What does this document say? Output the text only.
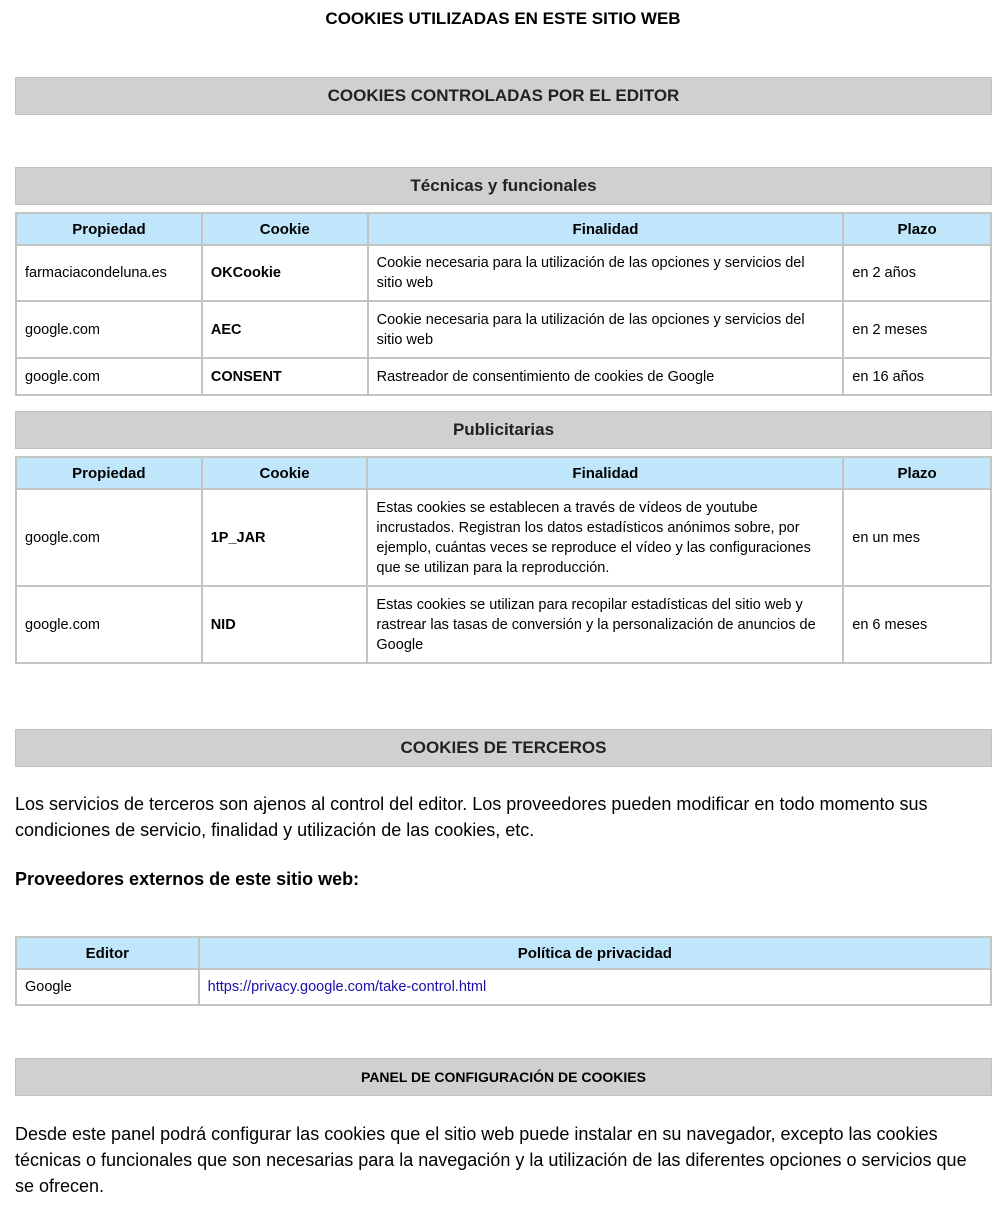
COOKIES UTILIZADAS EN ESTE SITIO WEB
COOKIES CONTROLADAS POR EL EDITOR
Técnicas y funcionales
Propiedad	Cookie	Finalidad	Plazo
farmaciacondeluna.es	OKCookie	Cookie necesaria para la utilización de las opciones y servicios del sitio web	en 2 años
google.com	AEC	Cookie necesaria para la utilización de las opciones y servicios del sitio web	en 2 meses
google.com	CONSENT	Rastreador de consentimiento de cookies de Google	en 16 años
Publicitarias
Propiedad	Cookie	Finalidad	Plazo
google.com	1P_JAR	Estas cookies se establecen a través de vídeos de youtube incrustados. Registran los datos estadísticos anónimos sobre, por ejemplo, cuántas veces se reproduce el vídeo y las configuraciones que se utilizan para la reproducción.	en un mes
google.com	NID	Estas cookies se utilizan para recopilar estadísticas del sitio web y rastrear las tasas de conversión y la personalización de anuncios de Google	en 6 meses
COOKIES DE TERCEROS
Los servicios de terceros son ajenos al control del editor. Los proveedores pueden modificar en todo momento sus condiciones de servicio, finalidad y utilización de las cookies, etc.
Proveedores externos de este sitio web:
Editor	Política de privacidad
Google	https://privacy.google.com/take-control.html
PANEL DE CONFIGURACIÓN DE COOKIES
Desde este panel podrá configurar las cookies que el sitio web puede instalar en su navegador, excepto las cookies técnicas o funcionales que son necesarias para la navegación y la utilización de las diferentes opciones o servicios que se ofrecen.
